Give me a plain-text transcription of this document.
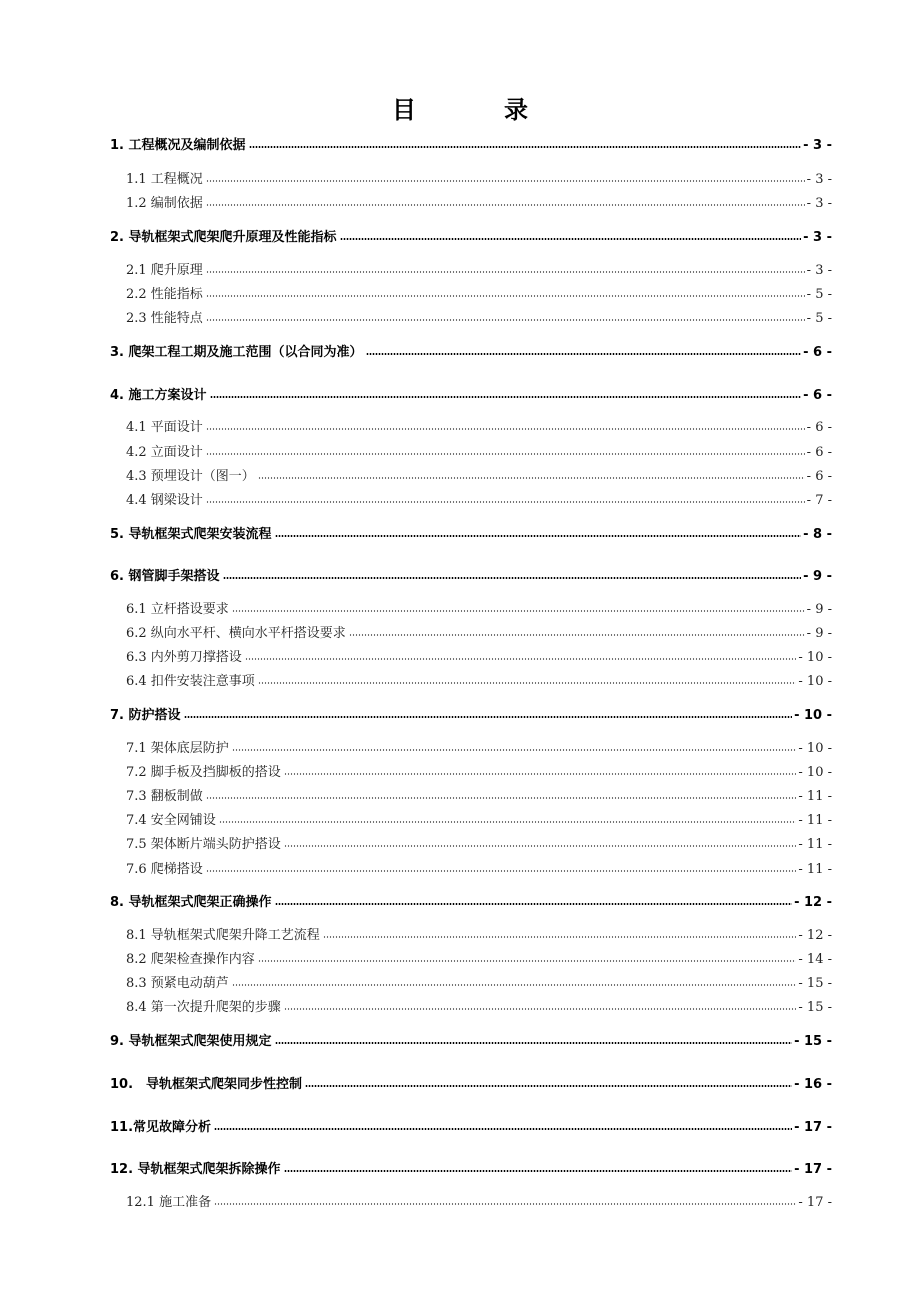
目　录
1. 工程概况及编制依据	- 3 -
1.1 工程概况	- 3 -
1.2 编制依据	- 3 -
2. 导轨框架式爬架爬升原理及性能指标	- 3 -
2.1 爬升原理	- 3 -
2.2 性能指标	- 5 -
2.3 性能特点	- 5 -
3. 爬架工程工期及施工范围（以合同为准）	- 6 -
4. 施工方案设计	- 6 -
4.1 平面设计	- 6 -
4.2 立面设计	- 6 -
4.3 预埋设计（图一）	- 6 -
4.4 钢梁设计	- 7 -
5. 导轨框架式爬架安装流程	- 8 -
6. 钢管脚手架搭设	- 9 -
6.1 立杆搭设要求	- 9 -
6.2 纵向水平杆、横向水平杆搭设要求	- 9 -
6.3 内外剪刀撑搭设	- 10 -
6.4 扣件安装注意事项	- 10 -
7. 防护搭设	- 10 -
7.1 架体底层防护	- 10 -
7.2 脚手板及挡脚板的搭设	- 10 -
7.3 翻板制做	- 11 -
7.4 安全网铺设	- 11 -
7.5 架体断片端头防护搭设	- 11 -
7.6 爬梯搭设	- 11 -
8. 导轨框架式爬架正确操作	- 12 -
8.1 导轨框架式爬架升降工艺流程	- 12 -
8.2 爬架检查操作内容	- 14 -
8.3 预紧电动葫芦	- 15 -
8.4 第一次提升爬架的步骤	- 15 -
9. 导轨框架式爬架使用规定	- 15 -
10.　导轨框架式爬架同步性控制	- 16 -
11.常见故障分析	- 17 -
12. 导轨框架式爬架拆除操作	- 17 -
12.1 施工准备	- 17 -
